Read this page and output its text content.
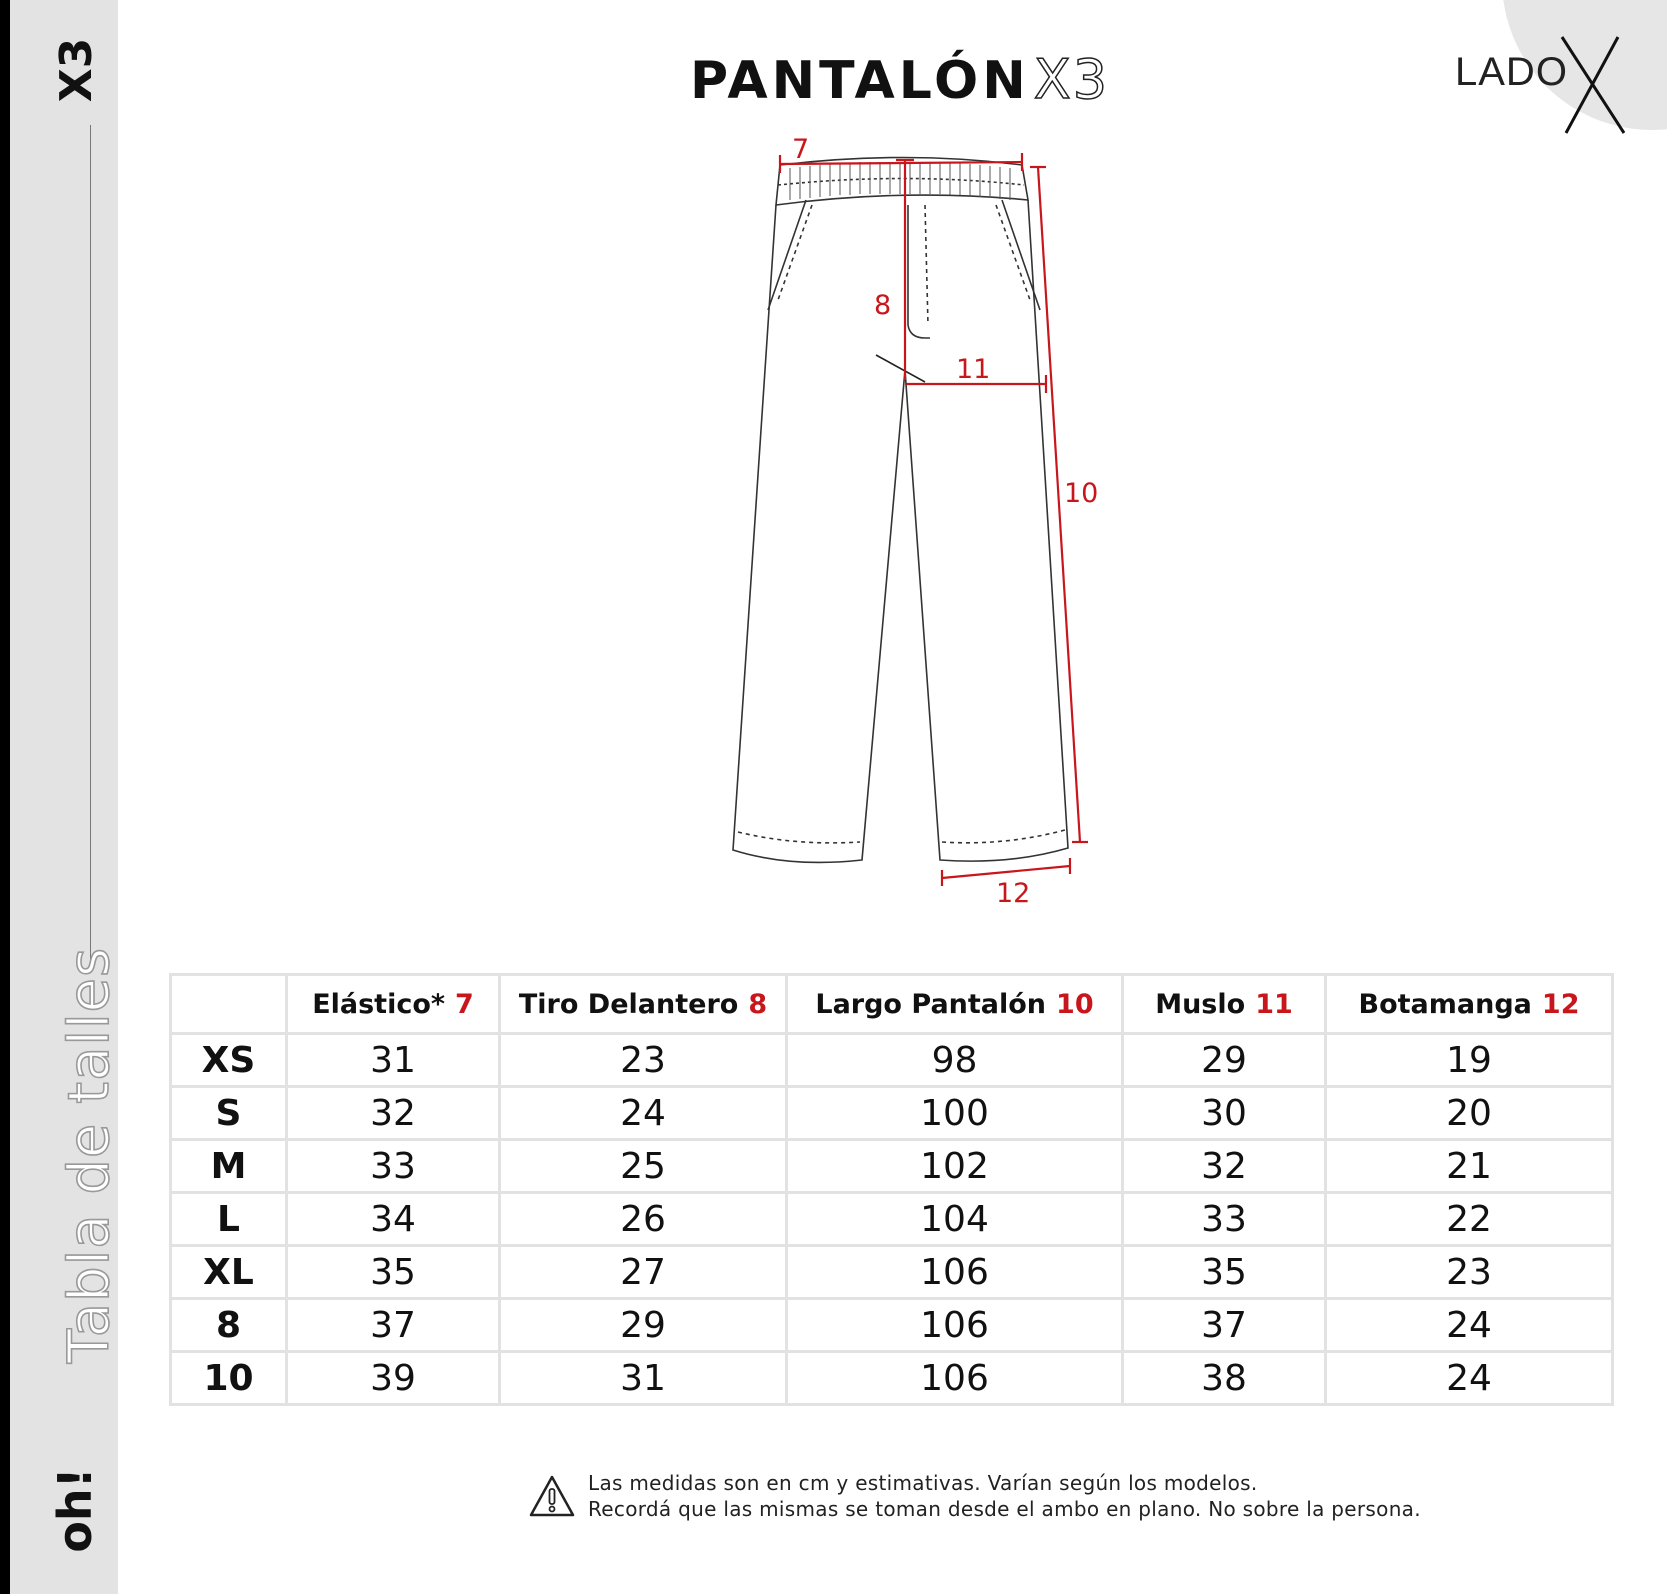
X3
Tabla de talles
oh!
LADO
PANTALÓN X3
7
8
11
10
12
	Elástico* 7	Tiro Delantero 8	Largo Pantalón 10	Muslo 11	Botamanga 12
XS	31	23	98	29	19
S	32	24	100	30	20
M	33	25	102	32	21
L	34	26	104	33	22
XL	35	27	106	35	23
8	37	29	106	37	24
10	39	31	106	38	24
Las medidas son en cm y estimativas. Varían según los modelos.
Recordá que las mismas se toman desde el ambo en plano. No sobre la persona.
